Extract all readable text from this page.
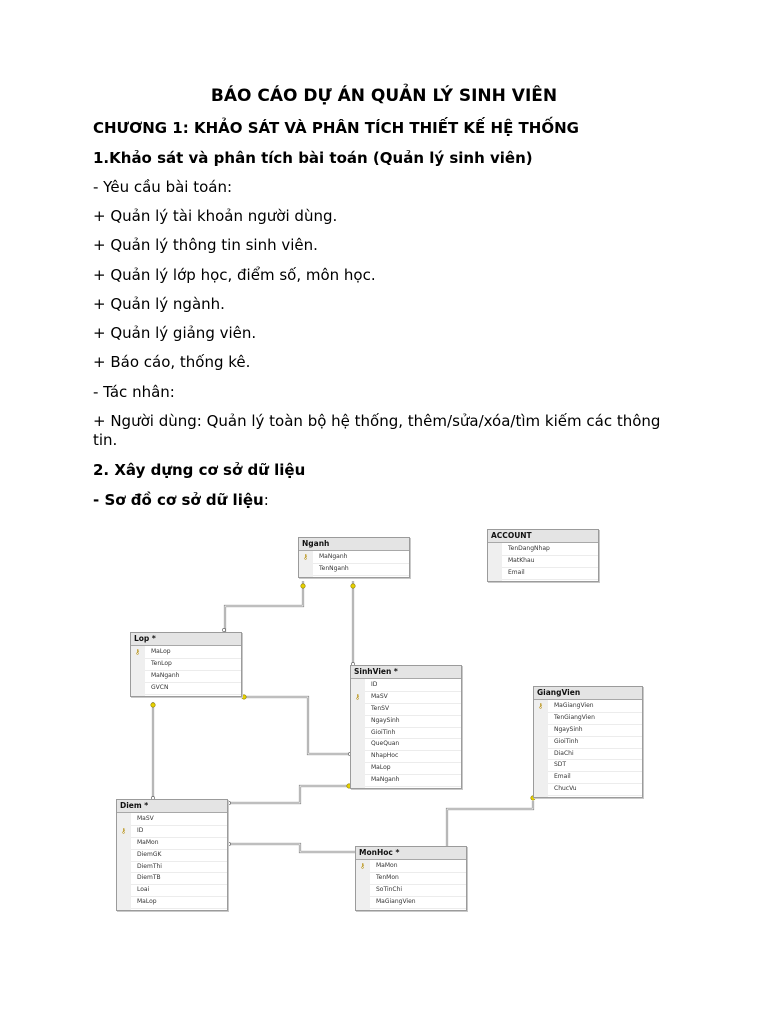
BÁO CÁO DỰ ÁN QUẢN LÝ SINH VIÊN
CHƯƠNG 1: KHẢO SÁT VÀ PHÂN TÍCH THIẾT KẾ HỆ THỐNG
1.Khảo sát và phân tích bài toán (Quản lý sinh viên)
- Yêu cầu bài toán:
+ Quản lý tài khoản người dùng.
+ Quản lý thông tin sinh viên.
+ Quản lý lớp học, điểm số, môn học.
+ Quản lý ngành.
+ Quản lý giảng viên.
+ Báo cáo, thống kê.
- Tác nhân:
+ Người dùng: Quản lý toàn bộ hệ thống, thêm/sửa/xóa/tìm kiếm các thông tin.
2. Xây dựng cơ sở dữ liệu
- Sơ đồ cơ sở dữ liệu:
Nganh
⚷ MaNganh
TenNganh
ACCOUNT
TenDangNhap
MatKhau
Email
Lop *
⚷ MaLop
TenLop
MaNganh
GVCN
SinhVien *
ID
⚷ MaSV
TenSV
NgaySinh
GioiTinh
QueQuan
NhapHoc
MaLop
MaNganh
GiangVien
⚷ MaGiangVien
TenGiangVien
NgaySinh
GioiTinh
DiaChi
SDT
Email
ChucVu
Diem *
MaSV
⚷ ID
MaMon
DiemGK
DiemThi
DiemTB
Loai
MaLop
MonHoc *
⚷ MaMon
TenMon
SoTinChi
MaGiangVien
